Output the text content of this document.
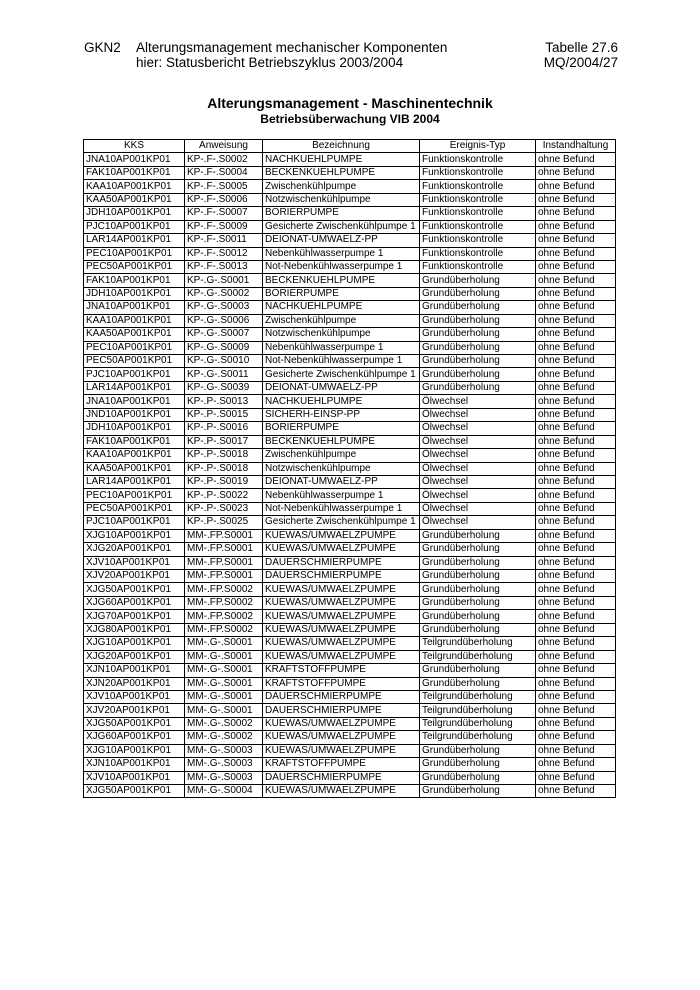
GKN2	Alterungsmanagement mechanischer Komponenten	Tabelle 27.6
hier: Statusbericht Betriebszyklus 2003/2004	MQ/2004/27
Alterungsmanagement - Maschinentechnik
Betriebsüberwachung VIB 2004
KKS	Anweisung	Bezeichnung	Ereignis-Typ	Instandhaltung
JNA10AP001KP01	KP-.F-.S0002	NACHKUEHLPUMPE	Funktionskontrolle	ohne Befund
FAK10AP001KP01	KP-.F-.S0004	BECKENKUEHLPUMPE	Funktionskontrolle	ohne Befund
KAA10AP001KP01	KP-.F-.S0005	Zwischenkühlpumpe	Funktionskontrolle	ohne Befund
KAA50AP001KP01	KP-.F-.S0006	Notzwischenkühlpumpe	Funktionskontrolle	ohne Befund
JDH10AP001KP01	KP-.F-.S0007	BORIERPUMPE	Funktionskontrolle	ohne Befund
PJC10AP001KP01	KP-.F-.S0009	Gesicherte Zwischenkühlpumpe 1	Funktionskontrolle	ohne Befund
LAR14AP001KP01	KP-.F-.S0011	DEIONAT-UMWAELZ-PP	Funktionskontrolle	ohne Befund
PEC10AP001KP01	KP-.F-.S0012	Nebenkühlwasserpumpe 1	Funktionskontrolle	ohne Befund
PEC50AP001KP01	KP-.F-.S0013	Not-Nebenkühlwasserpumpe 1	Funktionskontrolle	ohne Befund
FAK10AP001KP01	KP-.G-.S0001	BECKENKUEHLPUMPE	Grundüberholung	ohne Befund
JDH10AP001KP01	KP-.G-.S0002	BORIERPUMPE	Grundüberholung	ohne Befund
JNA10AP001KP01	KP-.G-.S0003	NACHKUEHLPUMPE	Grundüberholung	ohne Befund
KAA10AP001KP01	KP-.G-.S0006	Zwischenkühlpumpe	Grundüberholung	ohne Befund
KAA50AP001KP01	KP-.G-.S0007	Notzwischenkühlpumpe	Grundüberholung	ohne Befund
PEC10AP001KP01	KP-.G-.S0009	Nebenkühlwasserpumpe 1	Grundüberholung	ohne Befund
PEC50AP001KP01	KP-.G-.S0010	Not-Nebenkühlwasserpumpe 1	Grundüberholung	ohne Befund
PJC10AP001KP01	KP-.G-.S0011	Gesicherte Zwischenkühlpumpe 1	Grundüberholung	ohne Befund
LAR14AP001KP01	KP-.G-.S0039	DEIONAT-UMWAELZ-PP	Grundüberholung	ohne Befund
JNA10AP001KP01	KP-.P-.S0013	NACHKUEHLPUMPE	Ölwechsel	ohne Befund
JND10AP001KP01	KP-.P-.S0015	SICHERH-EINSP-PP	Ölwechsel	ohne Befund
JDH10AP001KP01	KP-.P-.S0016	BORIERPUMPE	Ölwechsel	ohne Befund
FAK10AP001KP01	KP-.P-.S0017	BECKENKUEHLPUMPE	Ölwechsel	ohne Befund
KAA10AP001KP01	KP-.P-.S0018	Zwischenkühlpumpe	Ölwechsel	ohne Befund
KAA50AP001KP01	KP-.P-.S0018	Notzwischenkühlpumpe	Ölwechsel	ohne Befund
LAR14AP001KP01	KP-.P-.S0019	DEIONAT-UMWAELZ-PP	Ölwechsel	ohne Befund
PEC10AP001KP01	KP-.P-.S0022	Nebenkühlwasserpumpe 1	Ölwechsel	ohne Befund
PEC50AP001KP01	KP-.P-.S0023	Not-Nebenkühlwasserpumpe 1	Ölwechsel	ohne Befund
PJC10AP001KP01	KP-.P-.S0025	Gesicherte Zwischenkühlpumpe 1	Ölwechsel	ohne Befund
XJG10AP001KP01	MM-.FP.S0001	KUEWAS/UMWAELZPUMPE	Grundüberholung	ohne Befund
XJG20AP001KP01	MM-.FP.S0001	KUEWAS/UMWAELZPUMPE	Grundüberholung	ohne Befund
XJV10AP001KP01	MM-.FP.S0001	DAUERSCHMIERPUMPE	Grundüberholung	ohne Befund
XJV20AP001KP01	MM-.FP.S0001	DAUERSCHMIERPUMPE	Grundüberholung	ohne Befund
XJG50AP001KP01	MM-.FP.S0002	KUEWAS/UMWAELZPUMPE	Grundüberholung	ohne Befund
XJG60AP001KP01	MM-.FP.S0002	KUEWAS/UMWAELZPUMPE	Grundüberholung	ohne Befund
XJG70AP001KP01	MM-.FP.S0002	KUEWAS/UMWAELZPUMPE	Grundüberholung	ohne Befund
XJG80AP001KP01	MM-.FP.S0002	KUEWAS/UMWAELZPUMPE	Grundüberholung	ohne Befund
XJG10AP001KP01	MM-.G-.S0001	KUEWAS/UMWAELZPUMPE	Teilgrundüberholung	ohne Befund
XJG20AP001KP01	MM-.G-.S0001	KUEWAS/UMWAELZPUMPE	Teilgrundüberholung	ohne Befund
XJN10AP001KP01	MM-.G-.S0001	KRAFTSTOFFPUMPE	Grundüberholung	ohne Befund
XJN20AP001KP01	MM-.G-.S0001	KRAFTSTOFFPUMPE	Grundüberholung	ohne Befund
XJV10AP001KP01	MM-.G-.S0001	DAUERSCHMIERPUMPE	Teilgrundüberholung	ohne Befund
XJV20AP001KP01	MM-.G-.S0001	DAUERSCHMIERPUMPE	Teilgrundüberholung	ohne Befund
XJG50AP001KP01	MM-.G-.S0002	KUEWAS/UMWAELZPUMPE	Teilgrundüberholung	ohne Befund
XJG60AP001KP01	MM-.G-.S0002	KUEWAS/UMWAELZPUMPE	Teilgrundüberholung	ohne Befund
XJG10AP001KP01	MM-.G-.S0003	KUEWAS/UMWAELZPUMPE	Grundüberholung	ohne Befund
XJN10AP001KP01	MM-.G-.S0003	KRAFTSTOFFPUMPE	Grundüberholung	ohne Befund
XJV10AP001KP01	MM-.G-.S0003	DAUERSCHMIERPUMPE	Grundüberholung	ohne Befund
XJG50AP001KP01	MM-.G-.S0004	KUEWAS/UMWAELZPUMPE	Grundüberholung	ohne Befund
